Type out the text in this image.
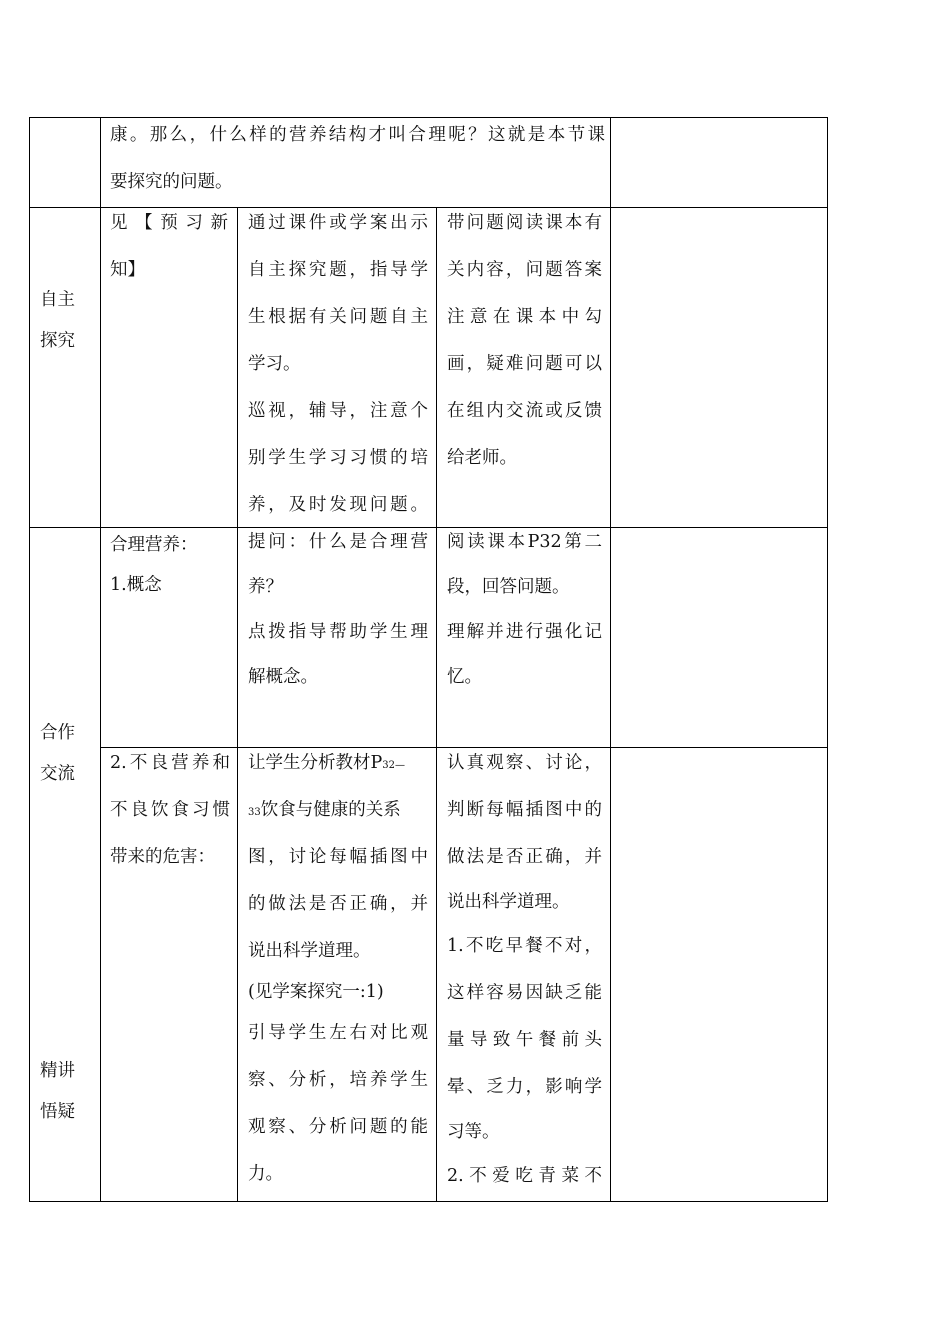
康。那么，什么样的营养结构才叫合理呢？这就是本节课

要探究的问题。

自主

探究

见【预习新

知】

通过课件或学案出示

自主探究题，指导学

生根据有关问题自主

学习。

巡视，辅导，注意个

别学生学习习惯的培

养，及时发现问题。

带问题阅读课本有

关内容，问题答案

注意在课本中勾

画，疑难问题可以

在组内交流或反馈

给老师。

合作

交流

合理营养：

1.概念

提问：什么是合理营

养？

点拨指导帮助学生理

解概念。

阅读课本P32第二

段，回答问题。

理解并进行强化记

忆。

精讲

悟疑

2.不良营养和

不良饮食习惯

带来的危害：

让学生分析教材P32—

33饮食与健康的关系

图，讨论每幅插图中

的做法是否正确，并

说出科学道理。

(见学案探究一:1)

引导学生左右对比观

察、分析，培养学生

观察、分析问题的能

力。

认真观察、讨论，

判断每幅插图中的

做法是否正确，并

说出科学道理。

1.不吃早餐不对，

这样容易因缺乏能

量导致午餐前头

晕、乏力，影响学

习等。

2.不爱吃青菜不
